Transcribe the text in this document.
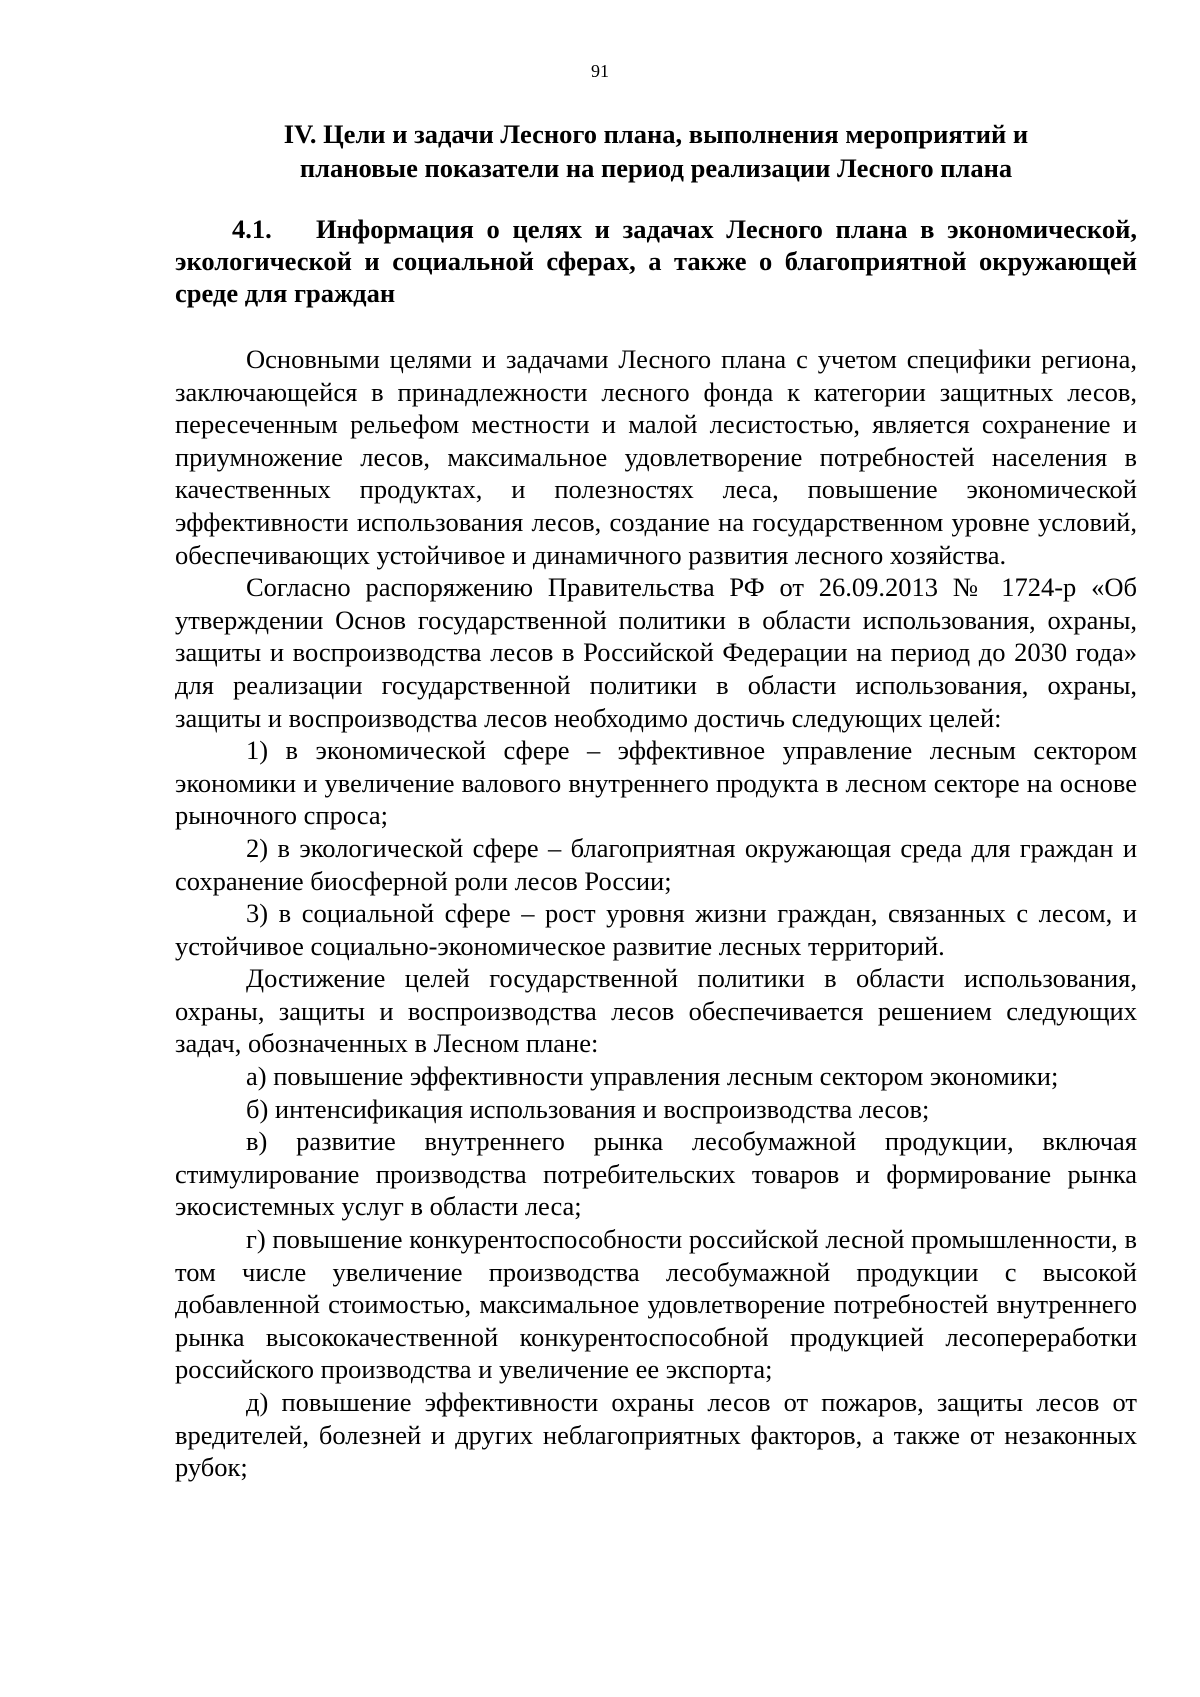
91
IV. Цели и задачи Лесного плана, выполнения мероприятий и
плановые показатели на период реализации Лесного плана
4.1. Информация о целях и задачах Лесного плана в экономической, экологической и социальной сферах, а также о благоприятной окружающей среде для граждан

Основными целями и задачами Лесного плана с учетом специфики региона, заключающейся в принадлежности лесного фонда к категории защитных лесов, пересеченным рельефом местности и малой лесистостью, является сохранение и приумножение лесов, максимальное удовлетворение потребностей населения в качественных продуктах, и полезностях леса, повышение экономической эффективности использования лесов, создание на государственном уровне условий, обеспечивающих устойчивое и динамичного развития лесного хозяйства.

Согласно распоряжению Правительства РФ от 26.09.2013 № 1724-р «Об утверждении Основ государственной политики в области использования, охраны, защиты и воспроизводства лесов в Российской Федерации на период до 2030 года» для реализации государственной политики в области использования, охраны, защиты и воспроизводства лесов необходимо достичь следующих целей:

1) в экономической сфере – эффективное управление лесным сектором экономики и увеличение валового внутреннего продукта в лесном секторе на основе рыночного спроса;

2) в экологической сфере – благоприятная окружающая среда для граждан и сохранение биосферной роли лесов России;

3) в социальной сфере – рост уровня жизни граждан, связанных с лесом, и устойчивое социально-экономическое развитие лесных территорий.

Достижение целей государственной политики в области использования, охраны, защиты и воспроизводства лесов обеспечивается решением следующих задач, обозначенных в Лесном плане:

а) повышение эффективности управления лесным сектором экономики;

б) интенсификация использования и воспроизводства лесов;

в) развитие внутреннего рынка лесобумажной продукции, включая стимулирование производства потребительских товаров и формирование рынка экосистемных услуг в области леса;

г) повышение конкурентоспособности российской лесной промышленности, в том числе увеличение производства лесобумажной продукции с высокой добавленной стоимостью, максимальное удовлетворение потребностей внутреннего рынка высококачественной конкурентоспособной продукцией лесопереработки российского производства и увеличение ее экспорта;

д) повышение эффективности охраны лесов от пожаров, защиты лесов от вредителей, болезней и других неблагоприятных факторов, а также от незаконных рубок;
